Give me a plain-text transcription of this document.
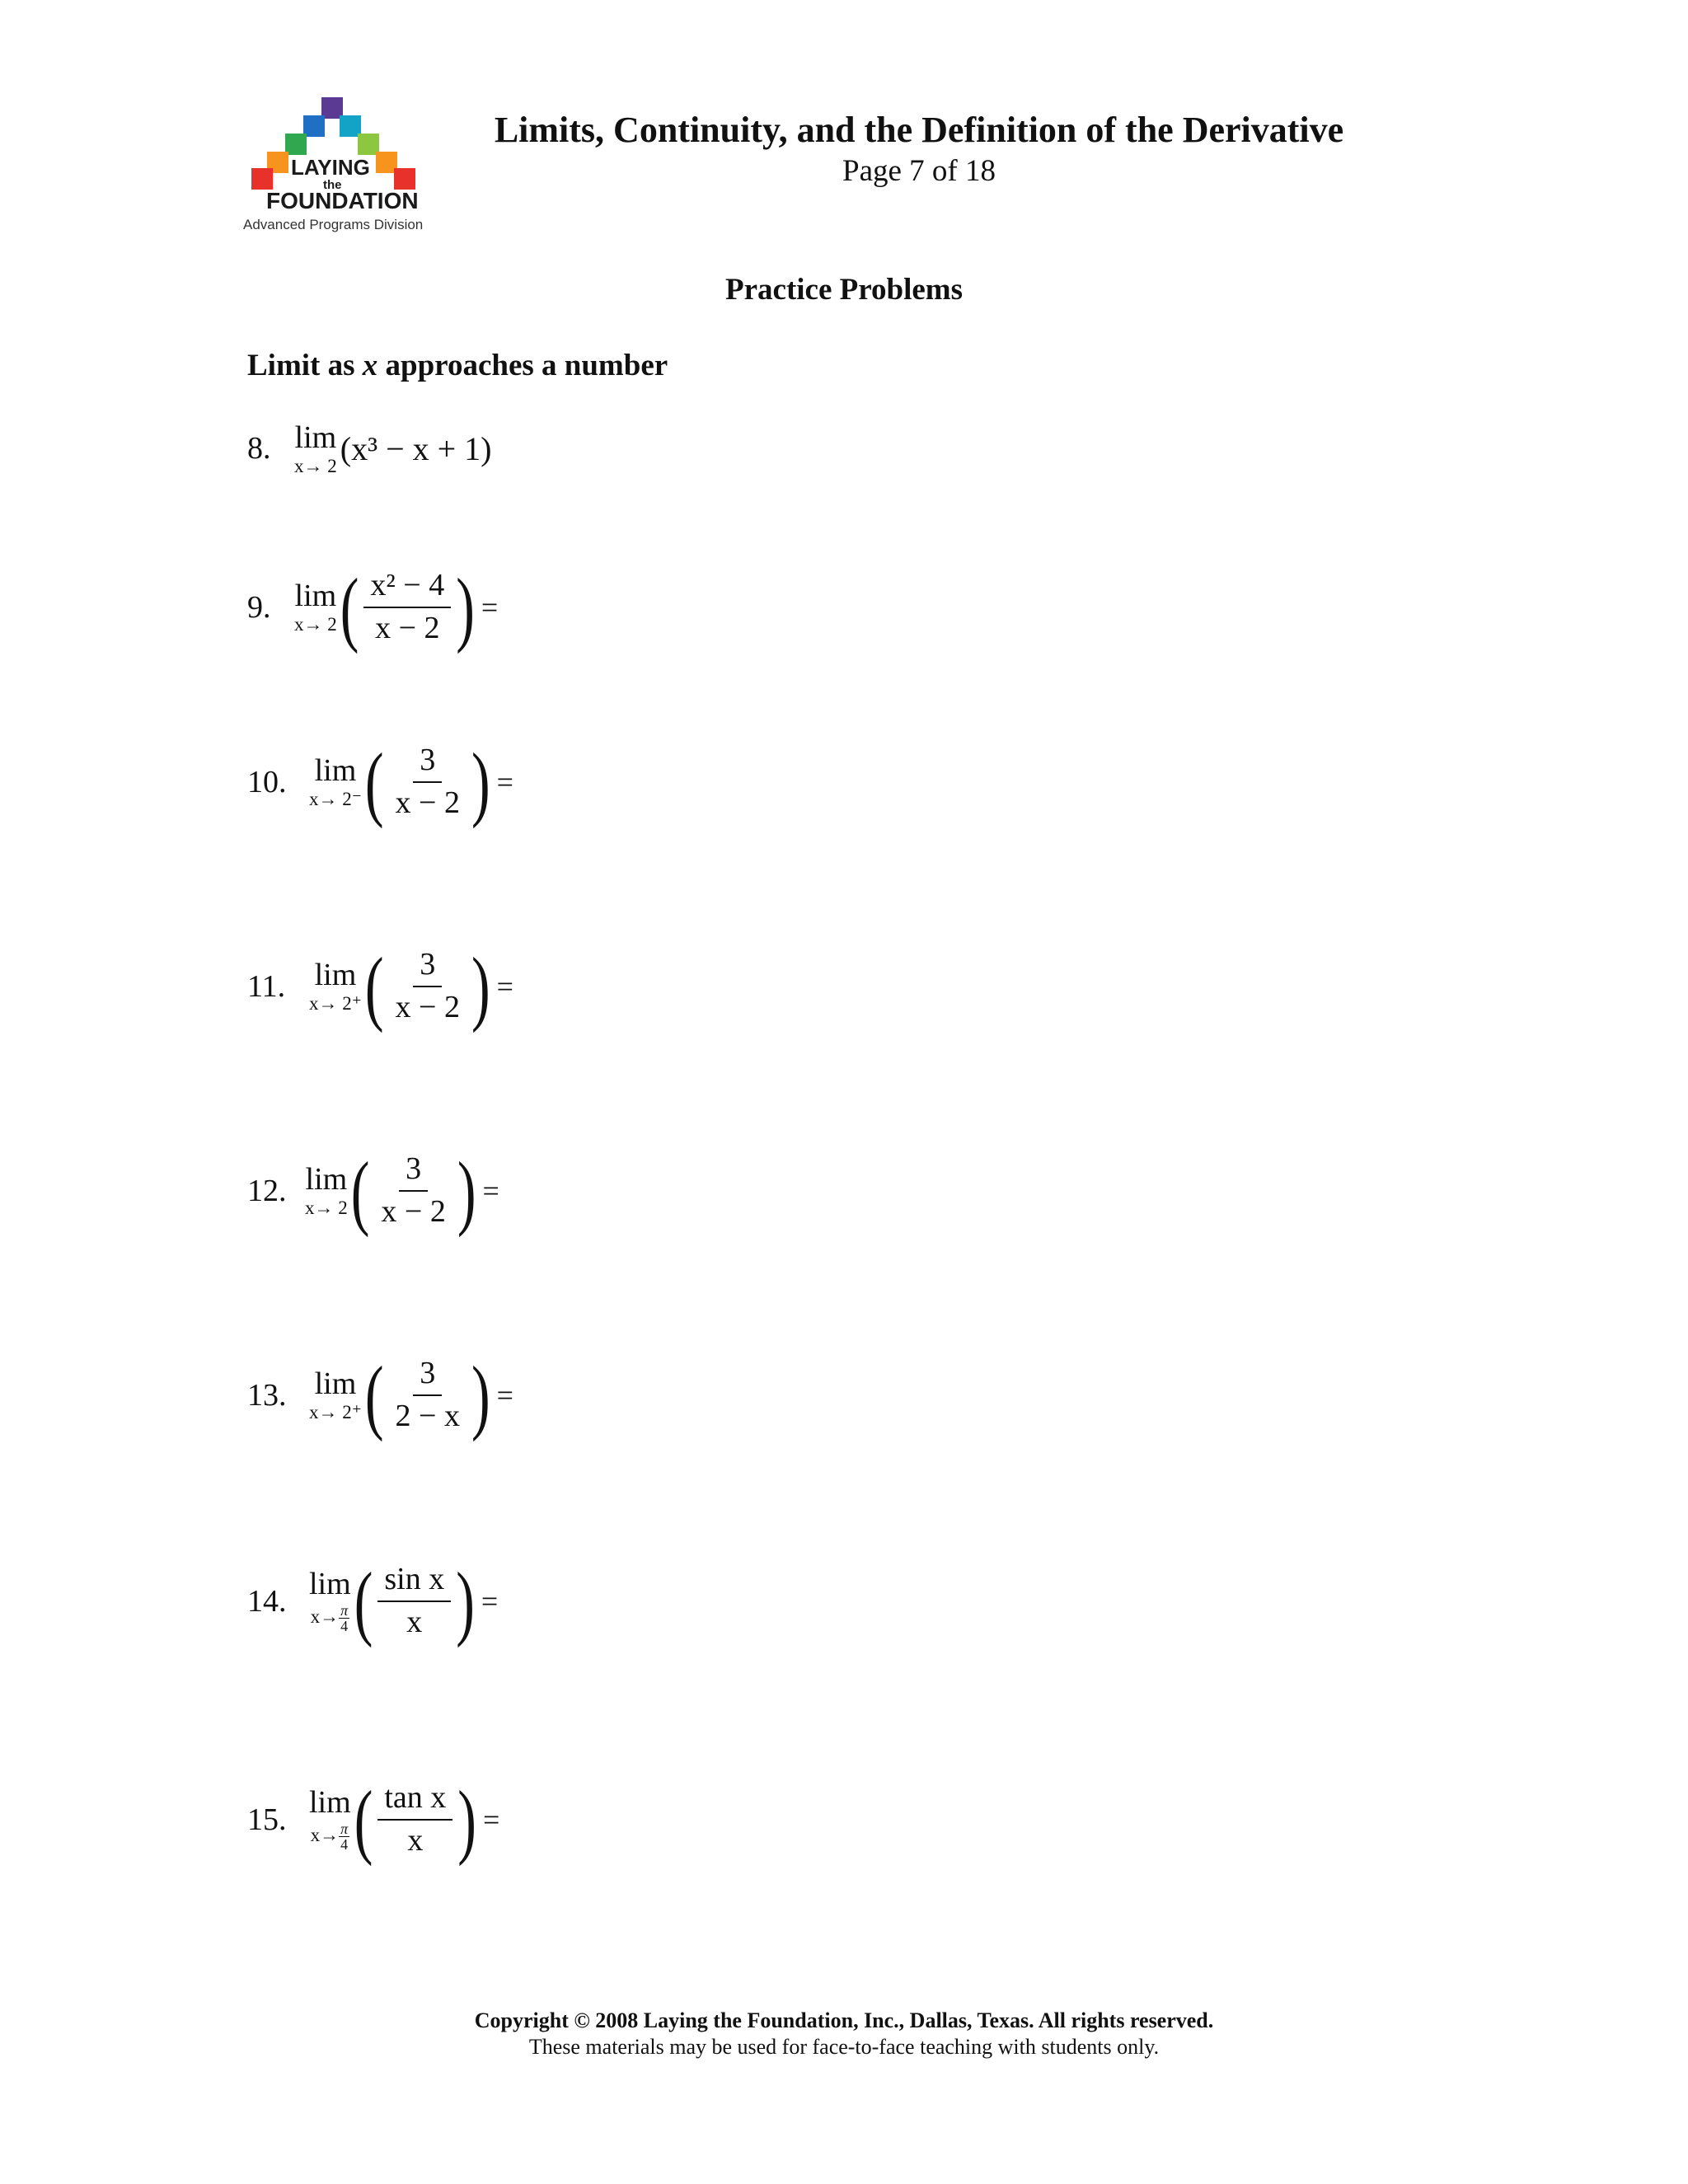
LAYING
the
FOUNDATION
Advanced Programs Division
Limits, Continuity, and the Definition of the Derivative
Page 7 of 18
Practice Problems
Limit as x approaches a number
8. lim
x→ 2 (x³ − x + 1)
9. lim
x→ 2 ( $\frac{\text{x² − 4}}{x - 2}$ ) =
10. lim
x→ 2⁻ ( $\frac{3}{x - 2}$ ) =
11. lim
x→ 2⁺ ( $\frac{3}{x - 2}$ ) =
12. lim
x→ 2 ( $\frac{3}{x - 2}$ ) =
13. lim
x→ 2⁺ ( $\frac{3}{2 - x}$ ) =
14. lim
$x\to \frac{\pi}{4}$ ( $\frac{\text{sin x}}{x}$ ) =
15. lim
$x\to \frac{\pi}{4}$ ( $\frac{\text{tan x}}{x}$ ) =
Copyright © 2008 Laying the Foundation, Inc., Dallas, Texas. All rights reserved.
These materials may be used for face-to-face teaching with students only.
